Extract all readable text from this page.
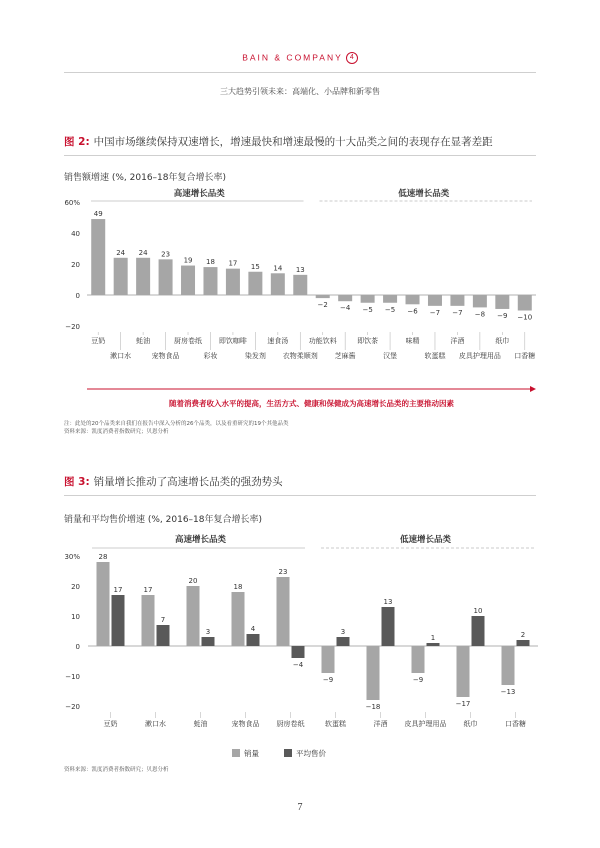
BAIN & COMPANY 4
三大趋势引领未来：高端化、小品牌和新零售
图 2: 中国市场继续保持双速增长，增速最快和增速最慢的十大品类之间的表现存在显著差距
销售额增速 (%, 2016–18年复合增长率)
高速增长品类	低速增长品类
60%
40
20
0
−20
49
豆奶
24
漱口水
24
蚝油
23
宠物食品
19
厨房卷纸
18
彩妆
17
即饮咖啡
15
染发剂
14
速食汤
13
衣物柔顺剂
−2
功能饮料
−4
芝麻酱
−5
即饮茶
−5
汉堡
−6
味精
−7
软蛋糕
−7
洋酒
−8
皮具护理用品
−9
纸巾
−10
口香糖
随着消费者收入水平的提高，生活方式、健康和保健成为高速增长品类的主要推动因素
注：此处的20个品类来自我们在报告中深入分析的26个品类，以及看重研究的19个其他品类
资料来源：凯度消费者指数研究；贝恩分析
图 3: 销量增长推动了高速增长品类的强劲势头
销量和平均售价增速 (%, 2016–18年复合增长率)
高速增长品类	低速增长品类
30%
20
10
0
−10
−20
28
17
豆奶
17
7
漱口水
20
3
蚝油
18
4
宠物食品
23
−4
厨房卷纸
−9
3
软蛋糕
−18
13
洋酒
−9
1
皮具护理用品
−17
10
纸巾
−13
2
口香糖
销量	平均售价
资料来源：凯度消费者指数研究；贝恩分析
7
